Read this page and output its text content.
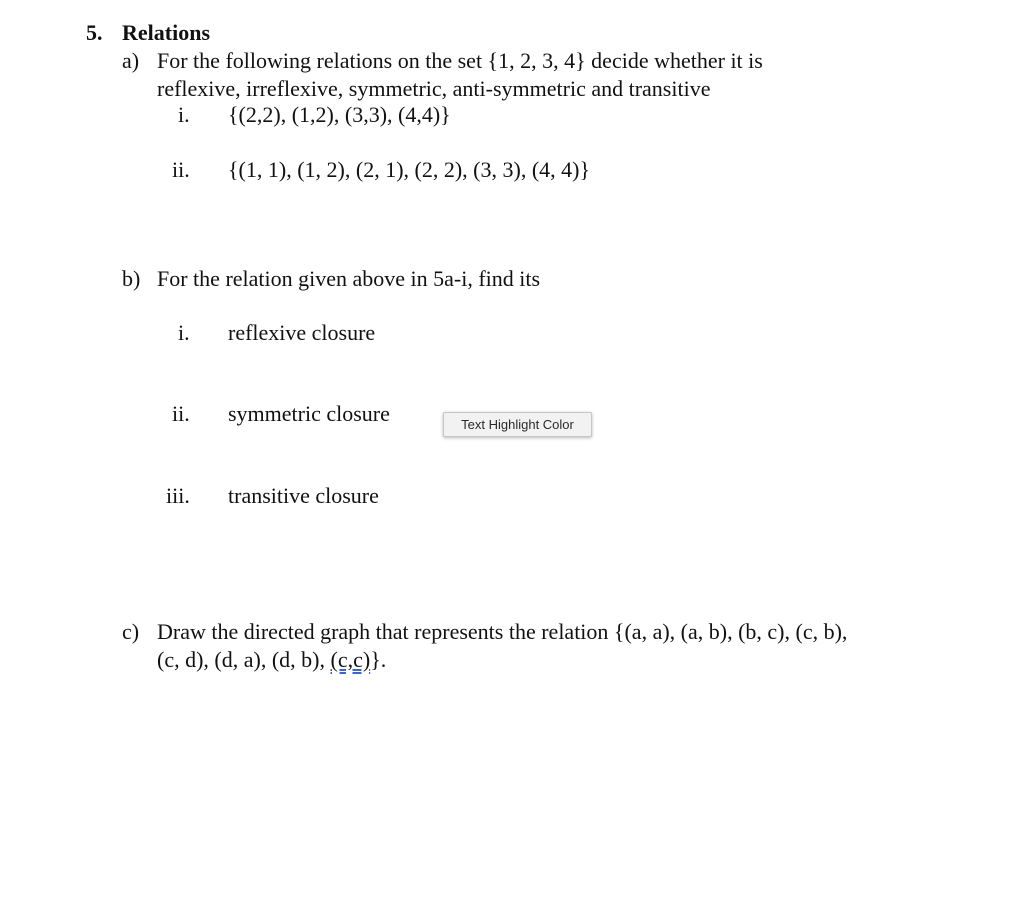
5. Relations
a) For the following relations on the set {1, 2, 3, 4} decide whether it is
reflexive, irreflexive, symmetric, anti-symmetric and transitive
i. {(2,2), (1,2), (3,3), (4,4)}
ii. {(1, 1), (1, 2), (2, 1), (2, 2), (3, 3), (4, 4)}
b) For the relation given above in 5a-i, find its
i. reflexive closure
ii. symmetric closure
iii. transitive closure
Text Highlight Color
c) Draw the directed graph that represents the relation {(a, a), (a, b), (b, c), (c, b),
(c, d), (d, a), (d, b), (c,c)}.
